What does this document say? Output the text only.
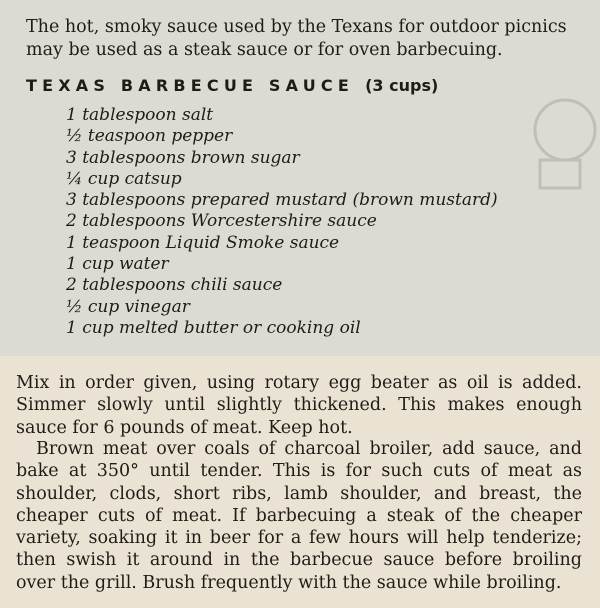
The hot, smoky sauce used by the Texans for outdoor picnics may be used as a steak sauce or for oven barbecuing.

TEXAS BARBECUE SAUCE (3 cups)
1 tablespoon salt
½ teaspoon pepper
3 tablespoons brown sugar
¼ cup catsup
3 tablespoons prepared mustard (brown mustard)
2 tablespoons Worcestershire sauce
1 teaspoon Liquid Smoke sauce
1 cup water
2 tablespoons chili sauce
½ cup vinegar
1 cup melted butter or cooking oil

Mix in order given, using rotary egg beater as oil is added. Simmer slowly until slightly thickened. This makes enough sauce for 6 pounds of meat. Keep hot.

Brown meat over coals of charcoal broiler, add sauce, and bake at 350° until tender. This is for such cuts of meat as shoulder, clods, short ribs, lamb shoulder, and breast, the cheaper cuts of meat. If barbecuing a steak of the cheaper variety, soaking it in beer for a few hours will help tenderize; then swish it around in the barbecue sauce before broiling over the grill. Brush frequently with the sauce while broiling.
